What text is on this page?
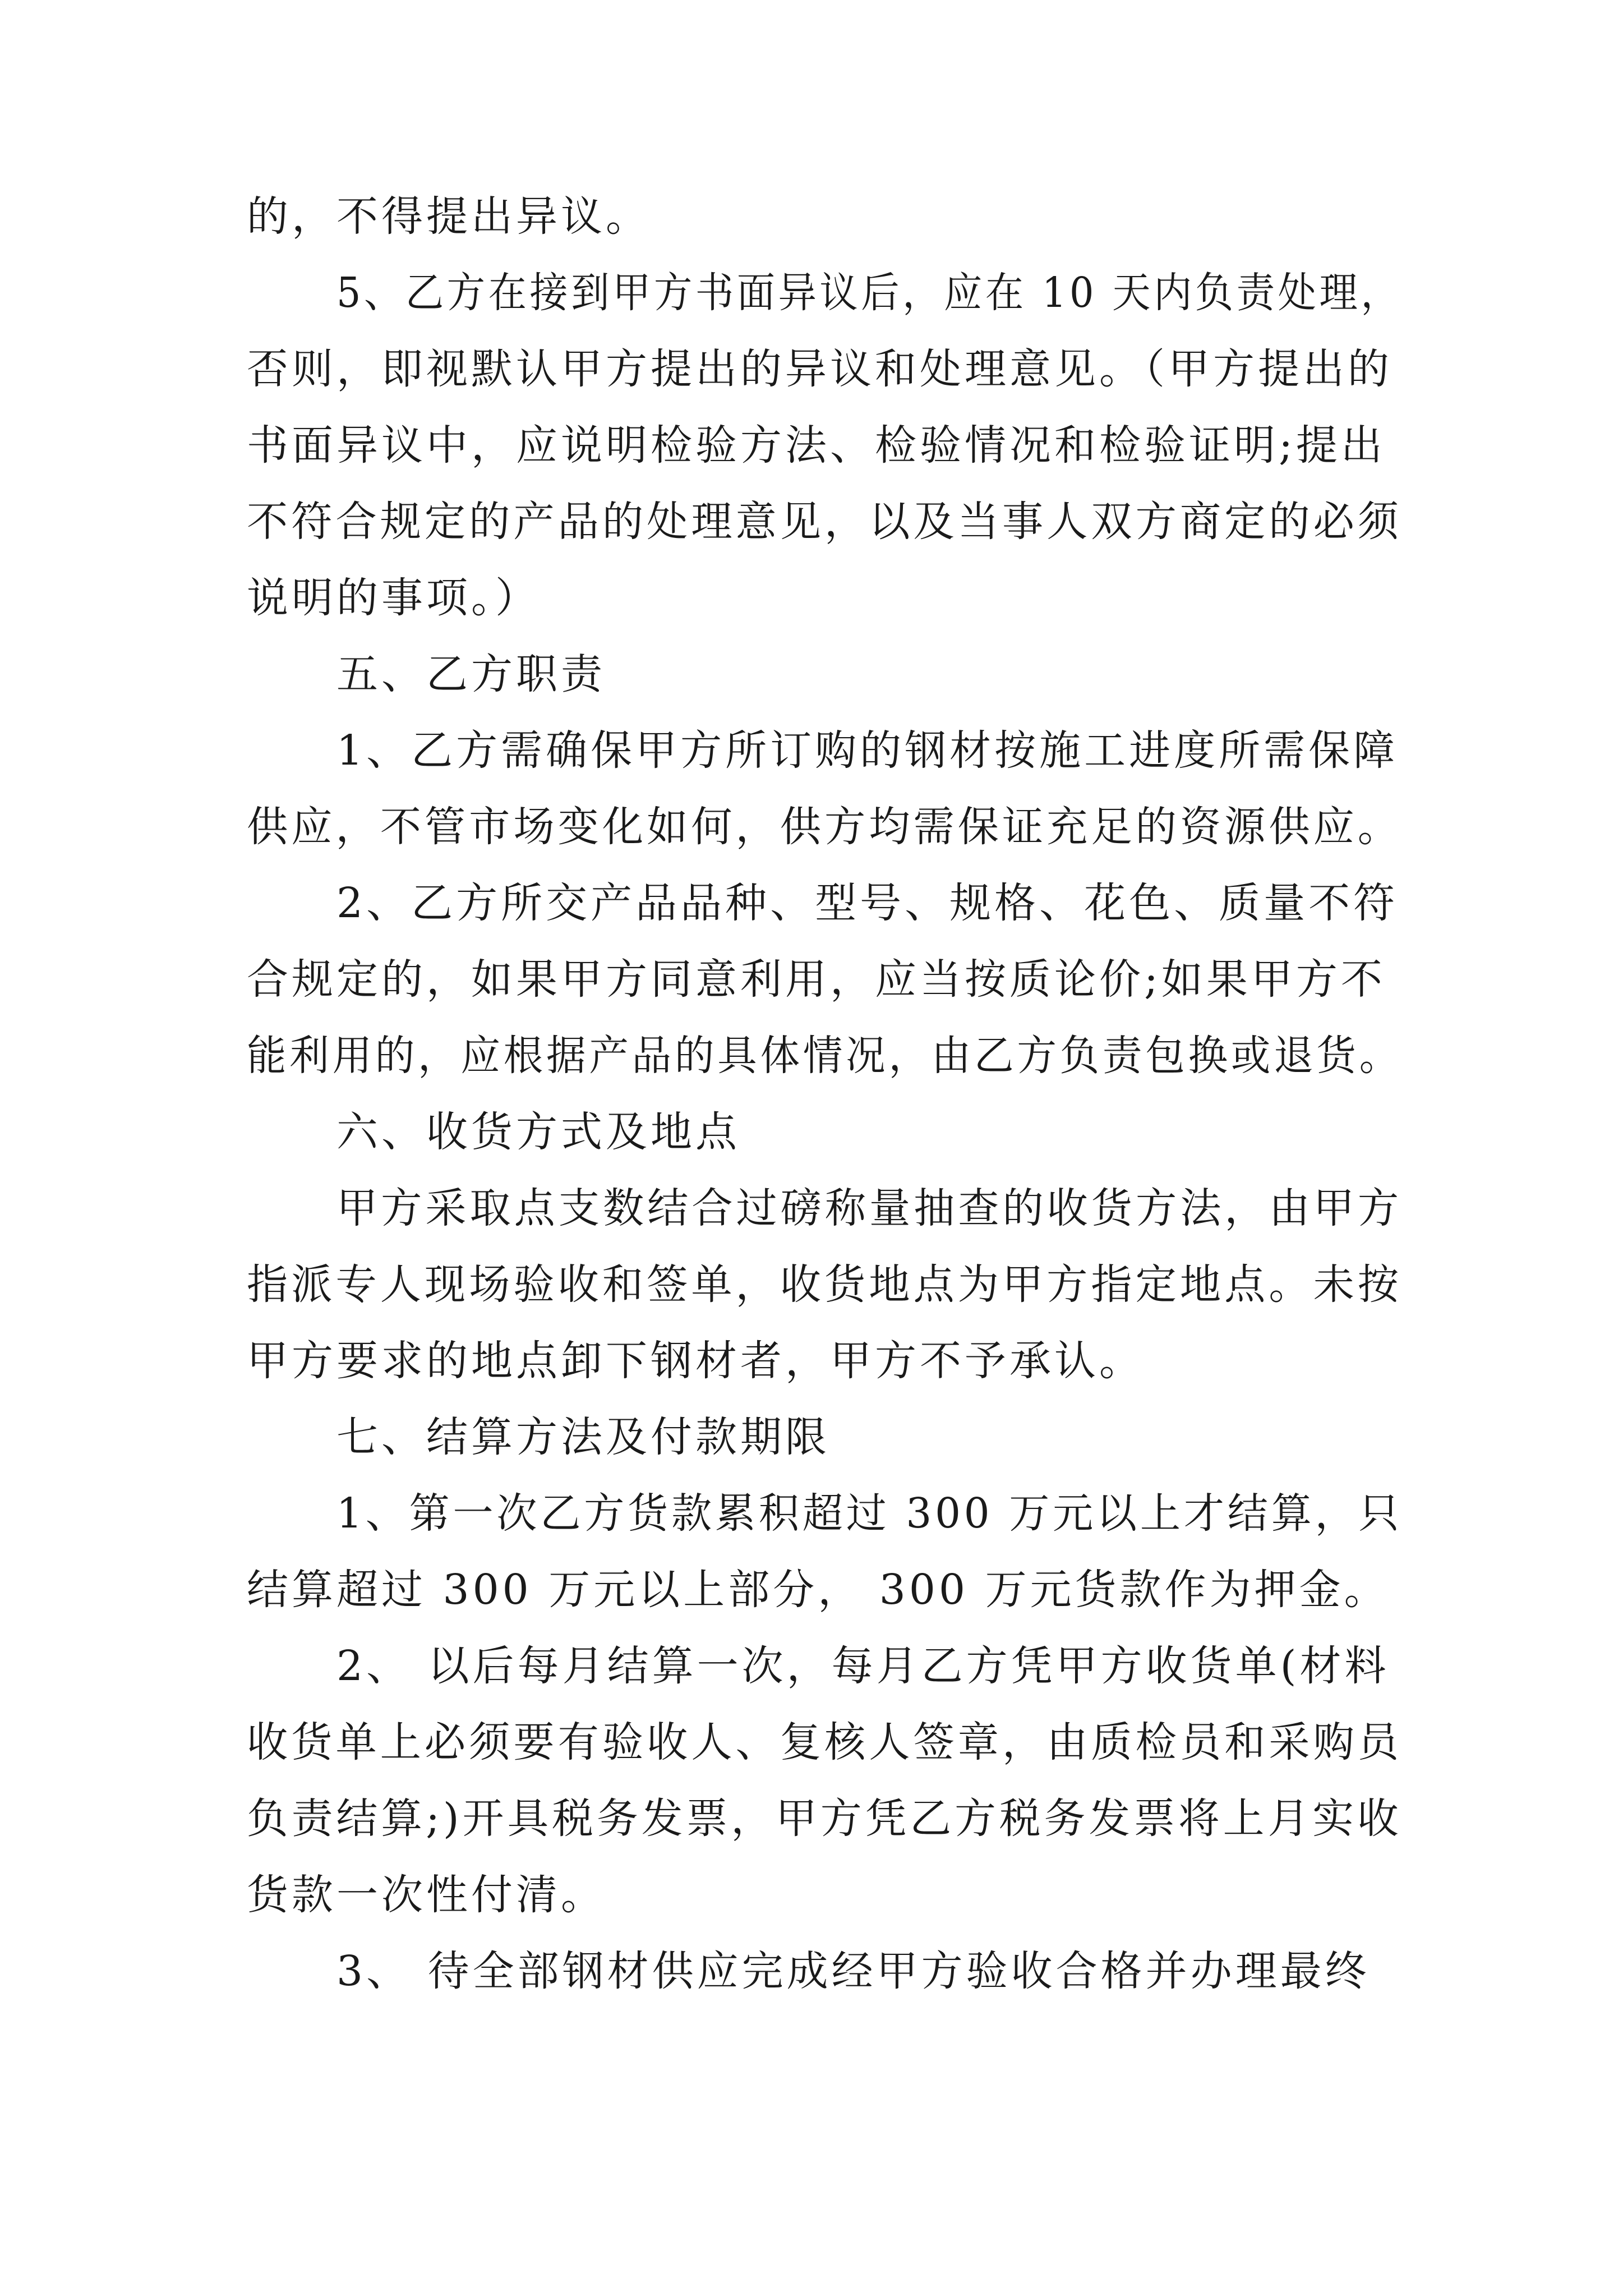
的，不得提出异议。
5、乙方在接到甲方书面异议后，应在 10 天内负责处理，
否则，即视默认甲方提出的异议和处理意见。（甲方提出的
书面异议中，应说明检验方法、检验情况和检验证明;提出
不符合规定的产品的处理意见，以及当事人双方商定的必须
说明的事项。）
五、乙方职责
1、乙方需确保甲方所订购的钢材按施工进度所需保障
供应，不管市场变化如何，供方均需保证充足的资源供应。
2、乙方所交产品品种、型号、规格、花色、质量不符
合规定的，如果甲方同意利用，应当按质论价;如果甲方不
能利用的，应根据产品的具体情况，由乙方负责包换或退货。
六、收货方式及地点
甲方采取点支数结合过磅称量抽查的收货方法，由甲方
指派专人现场验收和签单，收货地点为甲方指定地点。未按
甲方要求的地点卸下钢材者，甲方不予承认。
七、结算方法及付款期限
1、第一次乙方货款累积超过 300 万元以上才结算，只
结算超过 300 万元以上部分， 300 万元货款作为押金。
2、 以后每月结算一次，每月乙方凭甲方收货单(材料
收货单上必须要有验收人、复核人签章，由质检员和采购员
负责结算;)开具税务发票，甲方凭乙方税务发票将上月实收
货款一次性付清。
3、 待全部钢材供应完成经甲方验收合格并办理最终
